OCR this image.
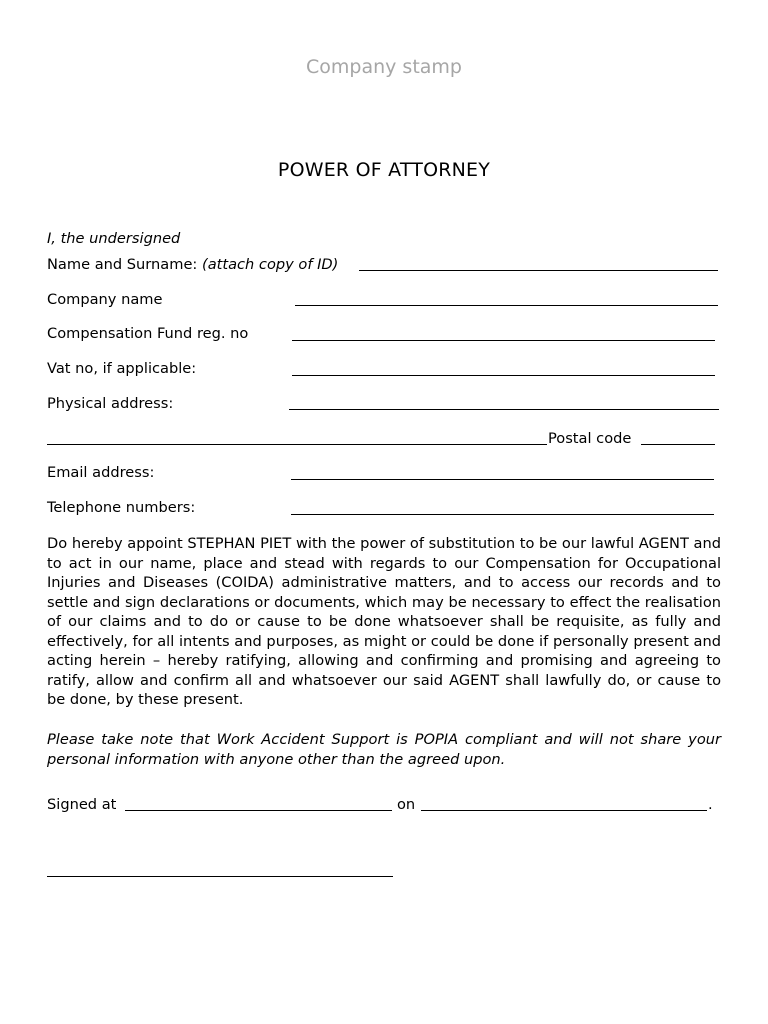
Company stamp
POWER OF ATTORNEY
I, the undersigned
Name and Surname: (attach copy of ID)
Company name
Compensation Fund reg. no
Vat no, if applicable:
Physical address:
Postal code
Email address:
Telephone numbers:
Do hereby appoint STEPHAN PIET with the power of substitution to be our lawful AGENT and to act in our name, place and stead with regards to our Compensation for Occupational Injuries and Diseases (COIDA) administrative matters, and to access our records and to settle and sign declarations or documents, which may be necessary to effect the realisation of our claims and to do or cause to be done whatsoever shall be requisite, as fully and effectively, for all intents and purposes, as might or could be done if personally present and acting herein – hereby ratifying, allowing and confirming and promising and agreeing to ratify, allow and confirm all and whatsoever our said AGENT shall lawfully do, or cause to be done, by these present.
Please take note that Work Accident Support is POPIA compliant and will not share your personal information with anyone other than the agreed upon.
Signed at	on	.
